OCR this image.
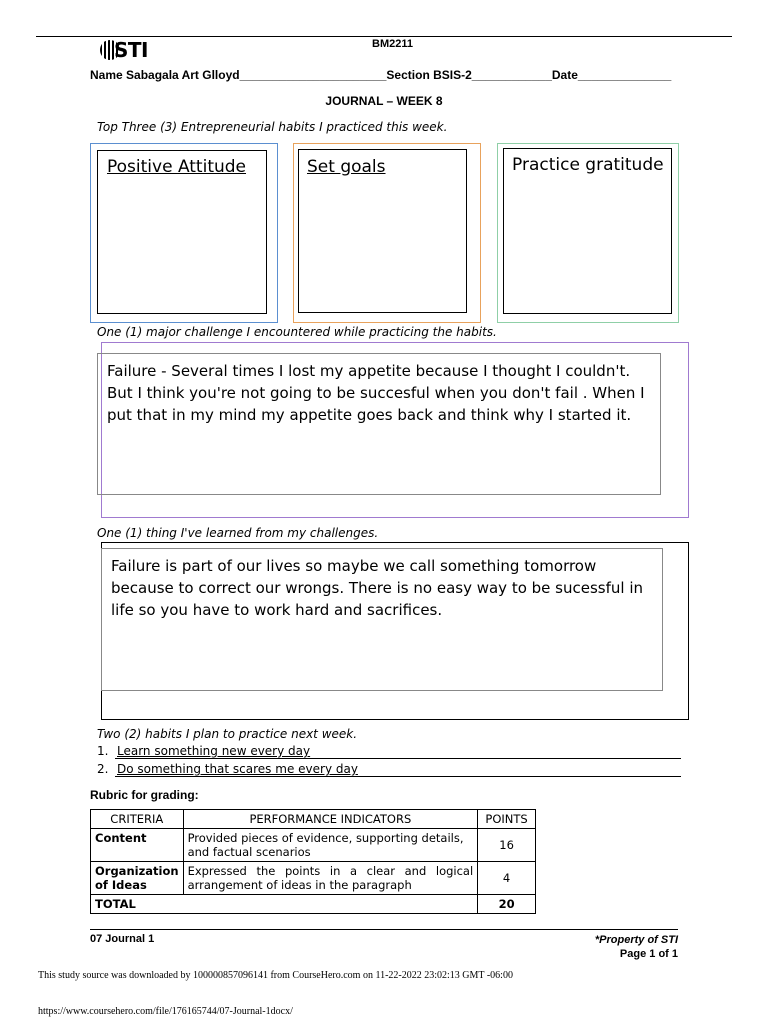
STI	BM2211
Name Sabagala Art Glloyd______________________Section BSIS-2____________Date______________
JOURNAL – WEEK 8
Top Three (3) Entrepreneurial habits I practiced this week.
Positive Attitude	Set goals	Practice gratitude
One (1) major challenge I encountered while practicing the habits.
Failure - Several times I lost my appetite because I thought I couldn't. But I think you're not going to be succesful when you don't fail . When I put that in my mind my appetite goes back and think why I started it.
One (1) thing I've learned from my challenges.
Failure is part of our lives so maybe we call something tomorrow because to correct our wrongs. There is no easy way to be sucessful in life so you have to work hard and sacrifices.
Two (2) habits I plan to practice next week.
1. Learn something new every day
2. Do something that scares me every day
Rubric for grading:
CRITERIA	PERFORMANCE INDICATORS	POINTS
Content	Provided pieces of evidence, supporting details, and factual scenarios	16
Organization of Ideas	Expressed the points in a clear and logical arrangement of ideas in the paragraph	4
TOTAL		20
07 Journal 1	*Property of STI
Page 1 of 1
This study source was downloaded by 100000857096141 from CourseHero.com on 11-22-2022 23:02:13 GMT -06:00
https://www.coursehero.com/file/176165744/07-Journal-1docx/
